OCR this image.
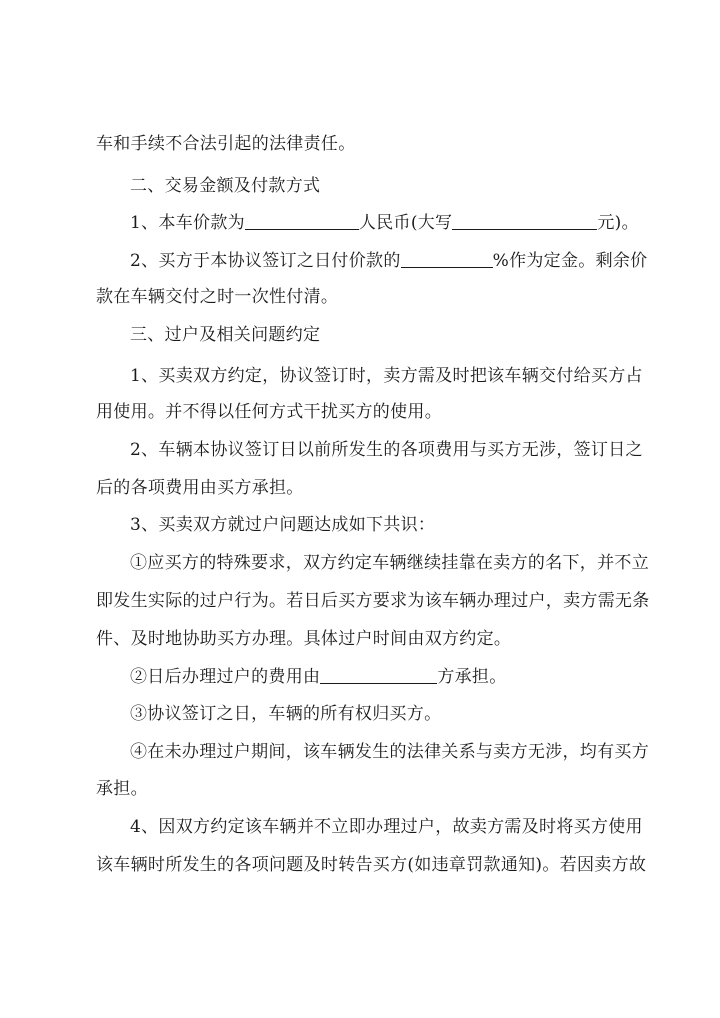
车和手续不合法引起的法律责任。
二、交易金额及付款方式
1、本车价款为	人民币(大写	元)。
2、买方于本协议签订之日付价款的	%作为定金。剩余价
款在车辆交付之时一次性付清。
三、过户及相关问题约定
1、买卖双方约定，协议签订时，卖方需及时把该车辆交付给买方占
用使用。并不得以任何方式干扰买方的使用。
2、车辆本协议签订日以前所发生的各项费用与买方无涉，签订日之
后的各项费用由买方承担。
3、买卖双方就过户问题达成如下共识：
①应买方的特殊要求，双方约定车辆继续挂靠在卖方的名下，并不立
即发生实际的过户行为。若日后买方要求为该车辆办理过户，卖方需无条
件、及时地协助买方办理。具体过户时间由双方约定。
②日后办理过户的费用由	方承担。
③协议签订之日，车辆的所有权归买方。
④在未办理过户期间，该车辆发生的法律关系与卖方无涉，均有买方
承担。
4、因双方约定该车辆并不立即办理过户，故卖方需及时将买方使用
该车辆时所发生的各项问题及时转告买方(如违章罚款通知)。若因卖方故
